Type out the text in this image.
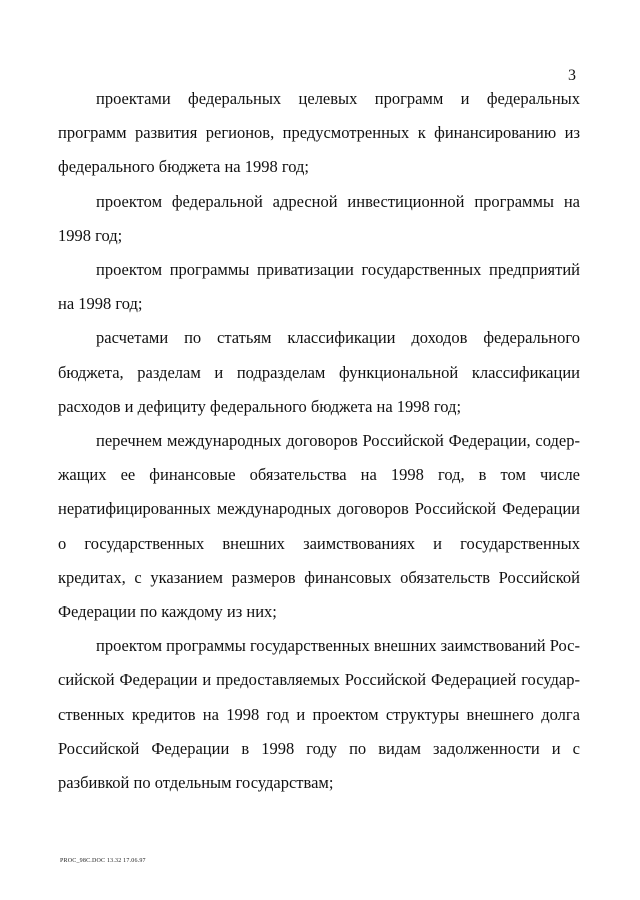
3

проектами федеральных целевых программ и федеральных программ развития регионов, предусмотренных к финансированию из федерального бюджета на 1998 год;

проектом федеральной адресной инвестиционной программы на 1998 год;

проектом программы приватизации государственных предприятий на 1998 год;

расчетами по статьям классификации доходов федерального бюджета, разделам и подразделам функциональной классификации расходов и дефициту федерального бюджета на 1998 год;

перечнем международных договоров Российской Федерации, содержащих ее финансовые обязательства на 1998 год, в том числе нератифицированных международных договоров Российской Федерации о государственных внешних заимствованиях и государственных кредитах, с указанием размеров финансовых обязательств Российской Федерации по каждому из них;

проектом программы государственных внешних заимствований Российской Федерации и предоставляемых Российской Федерацией государственных кредитов на 1998 год и проектом структуры внешнего долга Российской Федерации в 1998 году по видам задолженности и с разбивкой по отдельным государствам;

PROC_98C.DOC 13.32 17.06.97
